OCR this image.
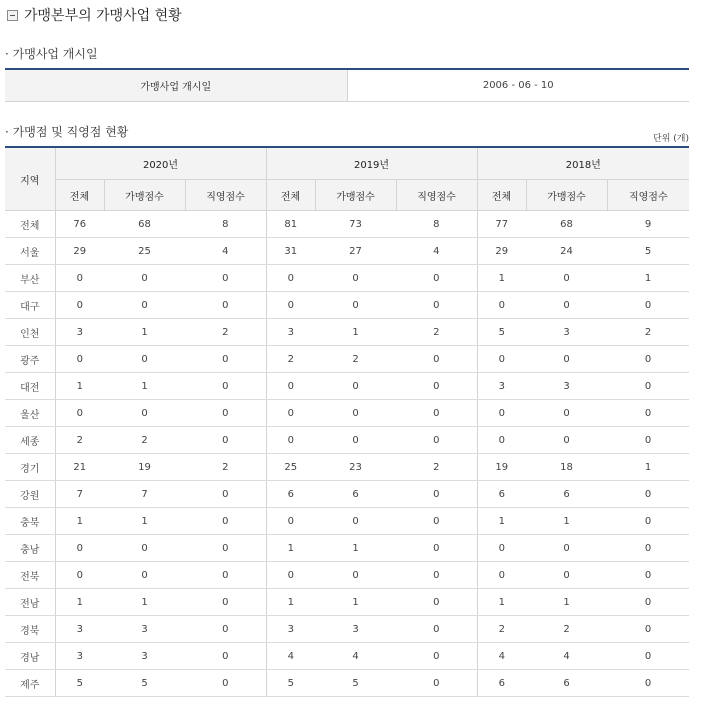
가맹본부의 가맹사업 현황
· 가맹사업 개시일
가맹사업 개시일	2006 - 06 - 10
· 가맹점 및 직영점 현황	단위 (개)
지역	2020년			2019년			2018년		
	전체	가맹점수	직영점수	전체	가맹점수	직영점수	전체	가맹점수	직영점수
전체	76	68	8	81	73	8	77	68	9
서울	29	25	4	31	27	4	29	24	5
부산	0	0	0	0	0	0	1	0	1
대구	0	0	0	0	0	0	0	0	0
인천	3	1	2	3	1	2	5	3	2
광주	0	0	0	2	2	0	0	0	0
대전	1	1	0	0	0	0	3	3	0
울산	0	0	0	0	0	0	0	0	0
세종	2	2	0	0	0	0	0	0	0
경기	21	19	2	25	23	2	19	18	1
강원	7	7	0	6	6	0	6	6	0
충북	1	1	0	0	0	0	1	1	0
충남	0	0	0	1	1	0	0	0	0
전북	0	0	0	0	0	0	0	0	0
전남	1	1	0	1	1	0	1	1	0
경북	3	3	0	3	3	0	2	2	0
경남	3	3	0	4	4	0	4	4	0
제주	5	5	0	5	5	0	6	6	0
